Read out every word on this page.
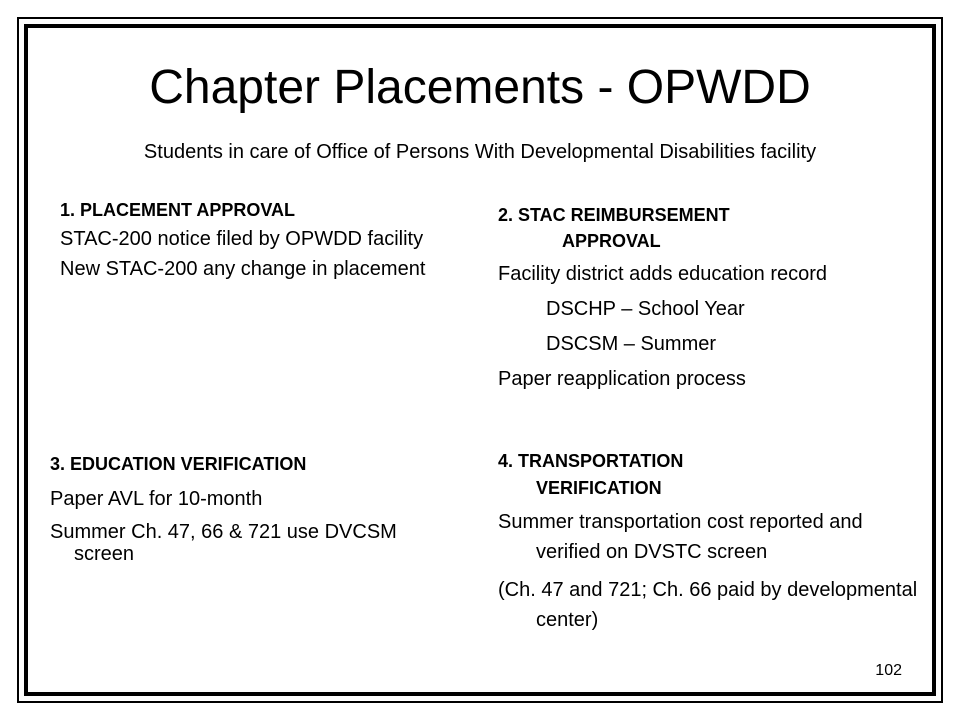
Chapter Placements - OPWDD
Students in care of Office of Persons With Developmental Disabilities facility
1. PLACEMENT APPROVAL
STAC-200 notice filed by OPWDD facility
New STAC-200 any change in placement
2. STAC REIMBURSEMENT
APPROVAL
Facility district adds education record
DSCHP – School Year
DSCSM – Summer
Paper reapplication process
3. EDUCATION VERIFICATION
Paper AVL for 10-month
Summer Ch. 47, 66 & 721 use DVCSM screen
4. TRANSPORTATION
VERIFICATION
Summer transportation cost reported and verified on DVSTC screen
(Ch. 47 and 721; Ch. 66 paid by developmental center)
102
